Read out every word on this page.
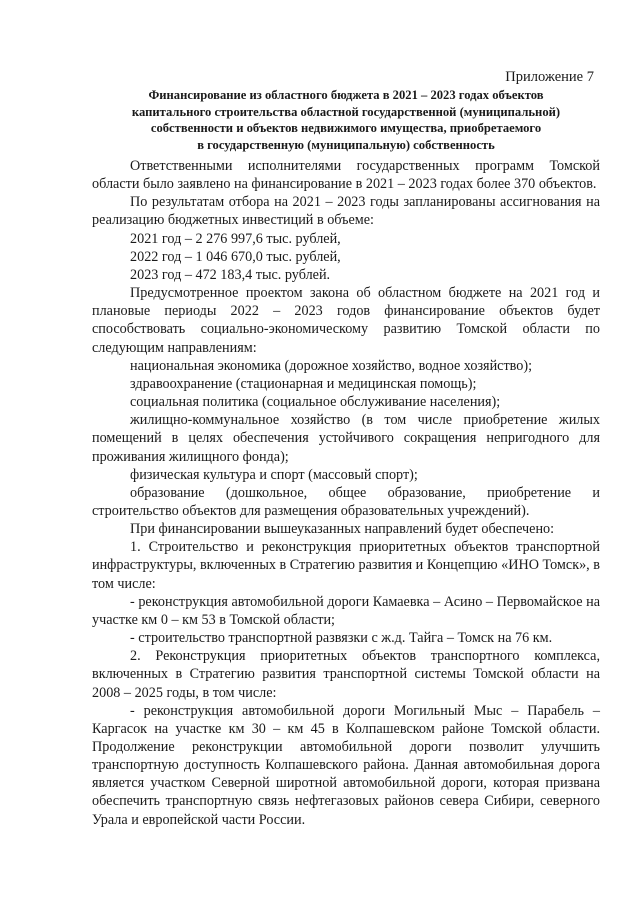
Приложение 7
Финансирование из областного бюджета в 2021 – 2023 годах объектов
капитального строительства областной государственной (муниципальной)
собственности и объектов недвижимого имущества, приобретаемого
в государственную (муниципальную) собственность

Ответственными исполнителями государственных программ Томской области было заявлено на финансирование в 2021 – 2023 годах более 370 объектов.

По результатам отбора на 2021 – 2023 годы запланированы ассигнования на реализацию бюджетных инвестиций в объеме:

2021 год – 2 276 997,6 тыс. рублей,

2022 год – 1 046 670,0 тыс. рублей,

2023 год – 472 183,4 тыс. рублей.

Предусмотренное проектом закона об областном бюджете на 2021 год и плановые периоды 2022 – 2023 годов финансирование объектов будет способствовать социально-экономическому развитию Томской области по следующим направлениям:

национальная экономика (дорожное хозяйство, водное хозяйство);

здравоохранение (стационарная и медицинская помощь);

социальная политика (социальное обслуживание населения);

жилищно-коммунальное хозяйство (в том числе приобретение жилых помещений в целях обеспечения устойчивого сокращения непригодного для проживания жилищного фонда);

физическая культура и спорт (массовый спорт);

образование (дошкольное, общее образование, приобретение и строительство объектов для размещения образовательных учреждений).

При финансировании вышеуказанных направлений будет обеспечено:

1. Строительство и реконструкция приоритетных объектов транспортной инфраструктуры, включенных в Стратегию развития и Концепцию «ИНО Томск», в том числе:

- реконструкция автомобильной дороги Камаевка – Асино – Первомайское на участке км 0 – км 53 в Томской области;

- строительство транспортной развязки с ж.д. Тайга – Томск на 76 км.

2. Реконструкция приоритетных объектов транспортного комплекса, включенных в Стратегию развития транспортной системы Томской области на 2008 – 2025 годы, в том числе:

- реконструкция автомобильной дороги Могильный Мыс – Парабель – Каргасок на участке км 30 – км 45 в Колпашевском районе Томской области. Продолжение реконструкции автомобильной дороги позволит улучшить транспортную доступность Колпашевского района. Данная автомобильная дорога является участком Северной широтной автомобильной дороги, которая призвана обеспечить транспортную связь нефтегазовых районов севера Сибири, северного Урала и европейской части России.
